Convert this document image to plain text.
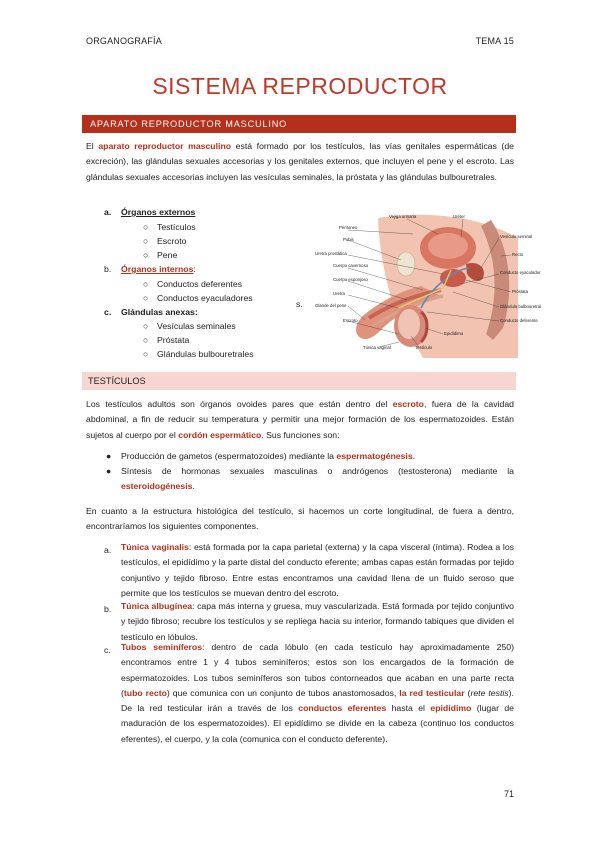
ORGANOGRAFÍA	TEMA 15
SISTEMA REPRODUCTOR
APARATO REPRODUCTOR MASCULINO
El aparato reproductor masculino está formado por los testículos, las vías genitales espermáticas (de excreción), las glándulas sexuales accesorias y los genitales externos, que incluyen el pene y el escroto. Las glándulas sexuales accesorias incluyen las vesículas seminales, la próstata y las glándulas bulbouretrales.
a. Órganos externos
○ Testículos
○ Escroto
○ Pene
b. Órganos internos:
○ Conductos deferentes
○ Conductos eyaculadores
s.
c. Glándulas anexas:
○ Vesículas seminales
○ Próstata
○ Glándulas bulbouretrales
Vejiga urinaria	Uréter
Peritoneo
Pubis
Uretra prostática
Cuerpo cavernoso
Cuerpo esponjoso
Uretra
Glande del pene
Escroto
Vesícula seminal
Recto
Conducto eyaculador
Próstata
Glándula bulbouretral
Conducto deferente
Epidídimo
Túnica vaginal	Testículo
TESTÍCULOS
Los testículos adultos son órganos ovoides pares que están dentro del escroto, fuera de la cavidad abdominal, a fin de reducir su temperatura y permitir una mejor formación de los espermatozoides. Están sujetos al cuerpo por el cordón espermático. Sus funciones son:
● Producción de gametos (espermatozoides) mediante la espermatogénesis.
● Síntesis de hormonas sexuales masculinas o andrógenos (testosterona) mediante la esteroidogénesis.
En cuanto a la estructura histológica del testículo, si hacemos un corte longitudinal, de fuera a dentro, encontraríamos los siguientes componentes.
a. Túnica vaginalis: está formada por la capa parietal (externa) y la capa visceral (íntima). Rodea a los testículos, el epidídimo y la parte distal del conducto eferente; ambas capas están formadas por tejido conjuntivo y tejido fibroso. Entre estas encontramos una cavidad llena de un fluido seroso que permite que los testículos se muevan dentro del escroto.
b. Túnica albugínea: capa más interna y gruesa, muy vascularizada. Está formada por tejido conjuntivo y tejido fibroso; recubre los testículos y se repliega hacia su interior, formando tabiques que dividen el testículo en lóbulos.
c. Tubos seminíferos: dentro de cada lóbulo (en cada testículo hay aproximadamente 250) encontramos entre 1 y 4 tubos seminíferos; estos son los encargados de la formación de espermatozoides. Los tubos seminíferos son tubos contorneados que acaban en una parte recta (tubo recto) que comunica con un conjunto de tubos anastomosados, la red testicular (rete testis). De la red testicular irán a través de los conductos eferentes hasta el epidídimo (lugar de maduración de los espermatozoides). El epidídimo se divide en la cabeza (continuo los conductos eferentes), el cuerpo, y la cola (comunica con el conducto deferente).
71
